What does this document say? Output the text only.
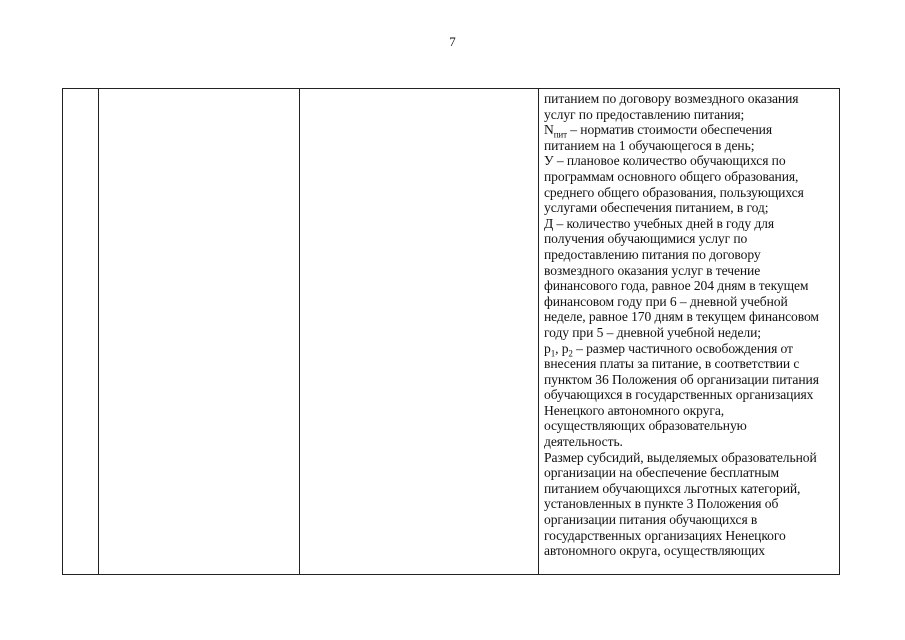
7
питанием по договору возмездного оказания
услуг по предоставлению питания;
$N_{пит}$ – норматив стоимости обеспечения
питанием на 1 обучающегося в день;
У – плановое количество обучающихся по
программам основного общего образования,
среднего общего образования, пользующихся
услугами обеспечения питанием, в год;
Д – количество учебных дней в году для
получения обучающимися услуг по
предоставлению питания по договору
возмездного оказания услуг в течение
финансового года, равное 204 дням в текущем
финансовом году при 6 – дневной учебной
неделе, равное 170 дням в текущем финансовом
году при 5 – дневной учебной недели;
$р_1$, $р_2$ – размер частичного освобождения от
внесения платы за питание, в соответствии с
пунктом 36 Положения об организации питания
обучающихся в государственных организациях
Ненецкого автономного округа,
осуществляющих образовательную
деятельность.
Размер субсидий, выделяемых образовательной
организации на обеспечение бесплатным
питанием обучающихся льготных категорий,
установленных в пункте 3 Положения об
организации питания обучающихся в
государственных организациях Ненецкого
автономного округа, осуществляющих
